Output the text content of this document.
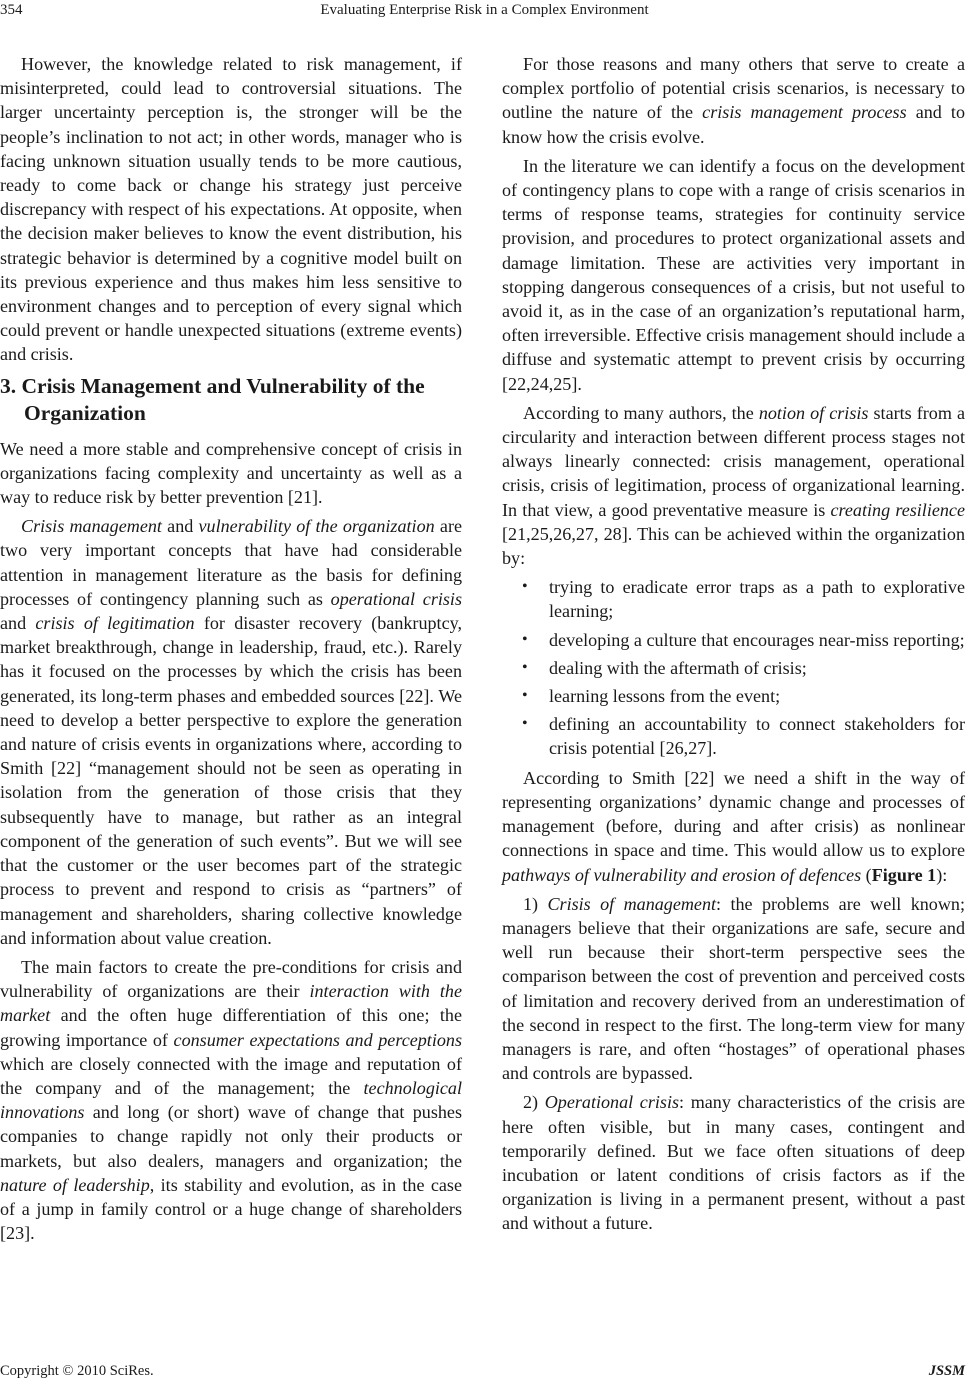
354	Evaluating Enterprise Risk in a Complex Environment

However, the knowledge related to risk management, if misinterpreted, could lead to controversial situations. The larger uncertainty perception is, the stronger will be the people’s inclination to not act; in other words, manager who is facing unknown situation usually tends to be more cautious, ready to come back or change his strategy just perceive discrepancy with respect of his expectations. At opposite, when the decision maker believes to know the event distribution, his strategic behavior is determined by a cognitive model built on its previous experience and thus makes him less sensitive to environment changes and to perception of every signal which could prevent or handle unexpected situations (extreme events) and crisis.

3. Crisis Management and Vulnerability of the Organization

We need a more stable and comprehensive concept of crisis in organizations facing complexity and uncertainty as well as a way to reduce risk by better prevention [21].

Crisis management and vulnerability of the organization are two very important concepts that have had considerable attention in management literature as the basis for defining processes of contingency planning such as operational crisis and crisis of legitimation for disaster recovery (bankruptcy, market breakthrough, change in leadership, fraud, etc.). Rarely has it focused on the processes by which the crisis has been generated, its long-term phases and embedded sources [22]. We need to develop a better perspective to explore the generation and nature of crisis events in organizations where, according to Smith [22] “management should not be seen as operating in isolation from the generation of those crisis that they subsequently have to manage, but rather as an integral component of the generation of such events”. But we will see that the customer or the user becomes part of the strategic process to prevent and respond to crisis as “partners” of management and shareholders, sharing collective knowledge and information about value creation.

The main factors to create the pre-conditions for crisis and vulnerability of organizations are their interaction with the market and the often huge differentiation of this one; the growing importance of consumer expectations and perceptions which are closely connected with the image and reputation of the company and of the management; the technological innovations and long (or short) wave of change that pushes companies to change rapidly not only their products or markets, but also dealers, managers and organization; the nature of leadership, its stability and evolution, as in the case of a jump in family control or a huge change of shareholders [23].

For those reasons and many others that serve to create a complex portfolio of potential crisis scenarios, is necessary to outline the nature of the crisis management process and to know how the crisis evolve.

In the literature we can identify a focus on the development of contingency plans to cope with a range of crisis scenarios in terms of response teams, strategies for continuity service provision, and procedures to protect organizational assets and damage limitation. These are activities very important in stopping dangerous consequences of a crisis, but not useful to avoid it, as in the case of an organization’s reputational harm, often irreversible. Effective crisis management should include a diffuse and systematic attempt to prevent crisis by occurring [22,24,25].

According to many authors, the notion of crisis starts from a circularity and interaction between different process stages not always linearly connected: crisis management, operational crisis, crisis of legitimation, process of organizational learning. In that view, a good preventative measure is creating resilience [21,25,26,27, 28]. This can be achieved within the organization by:

• trying to eradicate error traps as a path to explorative learning;
• developing a culture that encourages near-miss reporting;
• dealing with the aftermath of crisis;
• learning lessons from the event;
• defining an accountability to connect stakeholders for crisis potential [26,27].

According to Smith [22] we need a shift in the way of representing organizations’ dynamic change and processes of management (before, during and after crisis) as nonlinear connections in space and time. This would allow us to explore pathways of vulnerability and erosion of defences (Figure 1):

1) Crisis of management: the problems are well known; managers believe that their organizations are safe, secure and well run because their short-term perspective sees the comparison between the cost of prevention and perceived costs of limitation and recovery derived from an underestimation of the second in respect to the first. The long-term view for many managers is rare, and often “hostages” of operational phases and controls are bypassed.

2) Operational crisis: many characteristics of the crisis are here often visible, but in many cases, contingent and temporarily defined. But we face often situations of deep incubation or latent conditions of crisis factors as if the organization is living in a permanent present, without a past and without a future.

Copyright © 2010 SciRes.	JSSM
